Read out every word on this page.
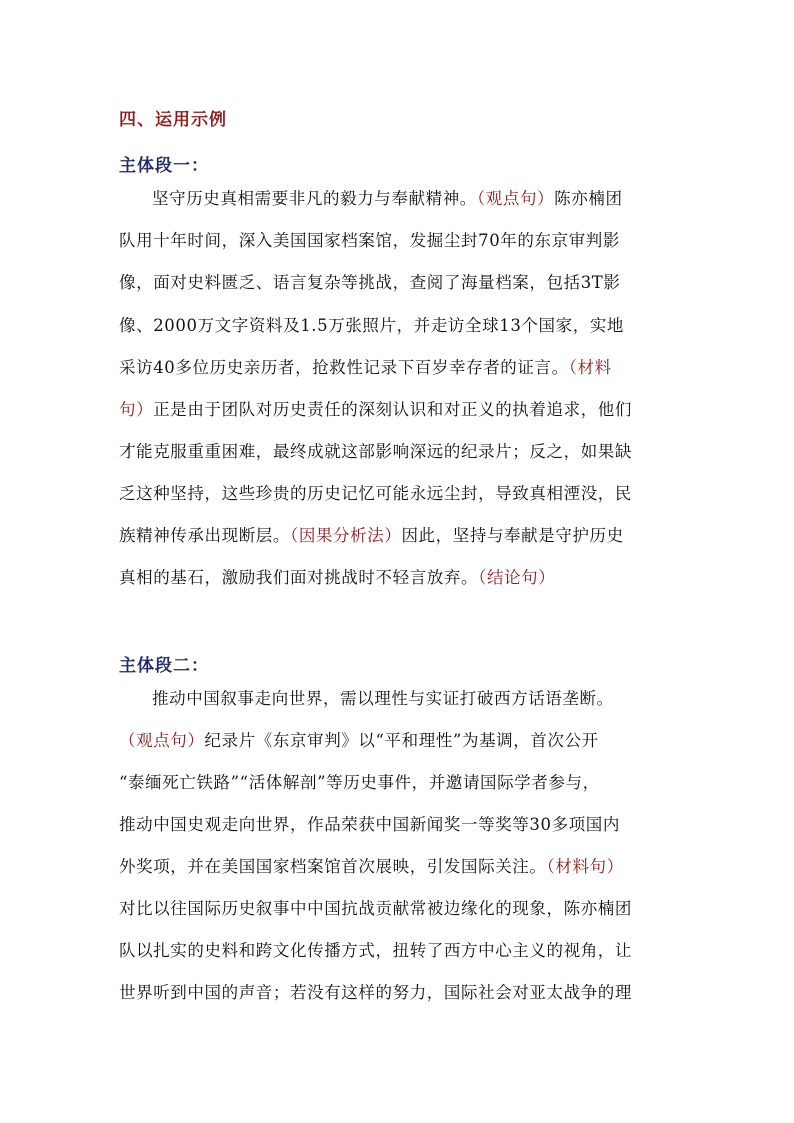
四、运用示例
主体段一：
坚守历史真相需要非凡的毅力与奉献精神。（观点句）陈亦楠团
队用十年时间，深入美国国家档案馆，发掘尘封70年的东京审判影
像，面对史料匮乏、语言复杂等挑战，查阅了海量档案，包括3T影
像、2000万文字资料及1.5万张照片，并走访全球13个国家，实地
采访40多位历史亲历者，抢救性记录下百岁幸存者的证言。（材料
句）正是由于团队对历史责任的深刻认识和对正义的执着追求，他们
才能克服重重困难，最终成就这部影响深远的纪录片；反之，如果缺
乏这种坚持，这些珍贵的历史记忆可能永远尘封，导致真相湮没，民
族精神传承出现断层。（因果分析法）因此，坚持与奉献是守护历史
真相的基石，激励我们面对挑战时不轻言放弃。（结论句）
主体段二：
推动中国叙事走向世界，需以理性与实证打破西方话语垄断。
（观点句）纪录片《东京审判》以“平和理性”为基调，首次公开
“泰缅死亡铁路”“活体解剖”等历史事件，并邀请国际学者参与，
推动中国史观走向世界，作品荣获中国新闻奖一等奖等30多项国内
外奖项，并在美国国家档案馆首次展映，引发国际关注。（材料句）
对比以往国际历史叙事中中国抗战贡献常被边缘化的现象，陈亦楠团
队以扎实的史料和跨文化传播方式，扭转了西方中心主义的视角，让
世界听到中国的声音；若没有这样的努力，国际社会对亚太战争的理
